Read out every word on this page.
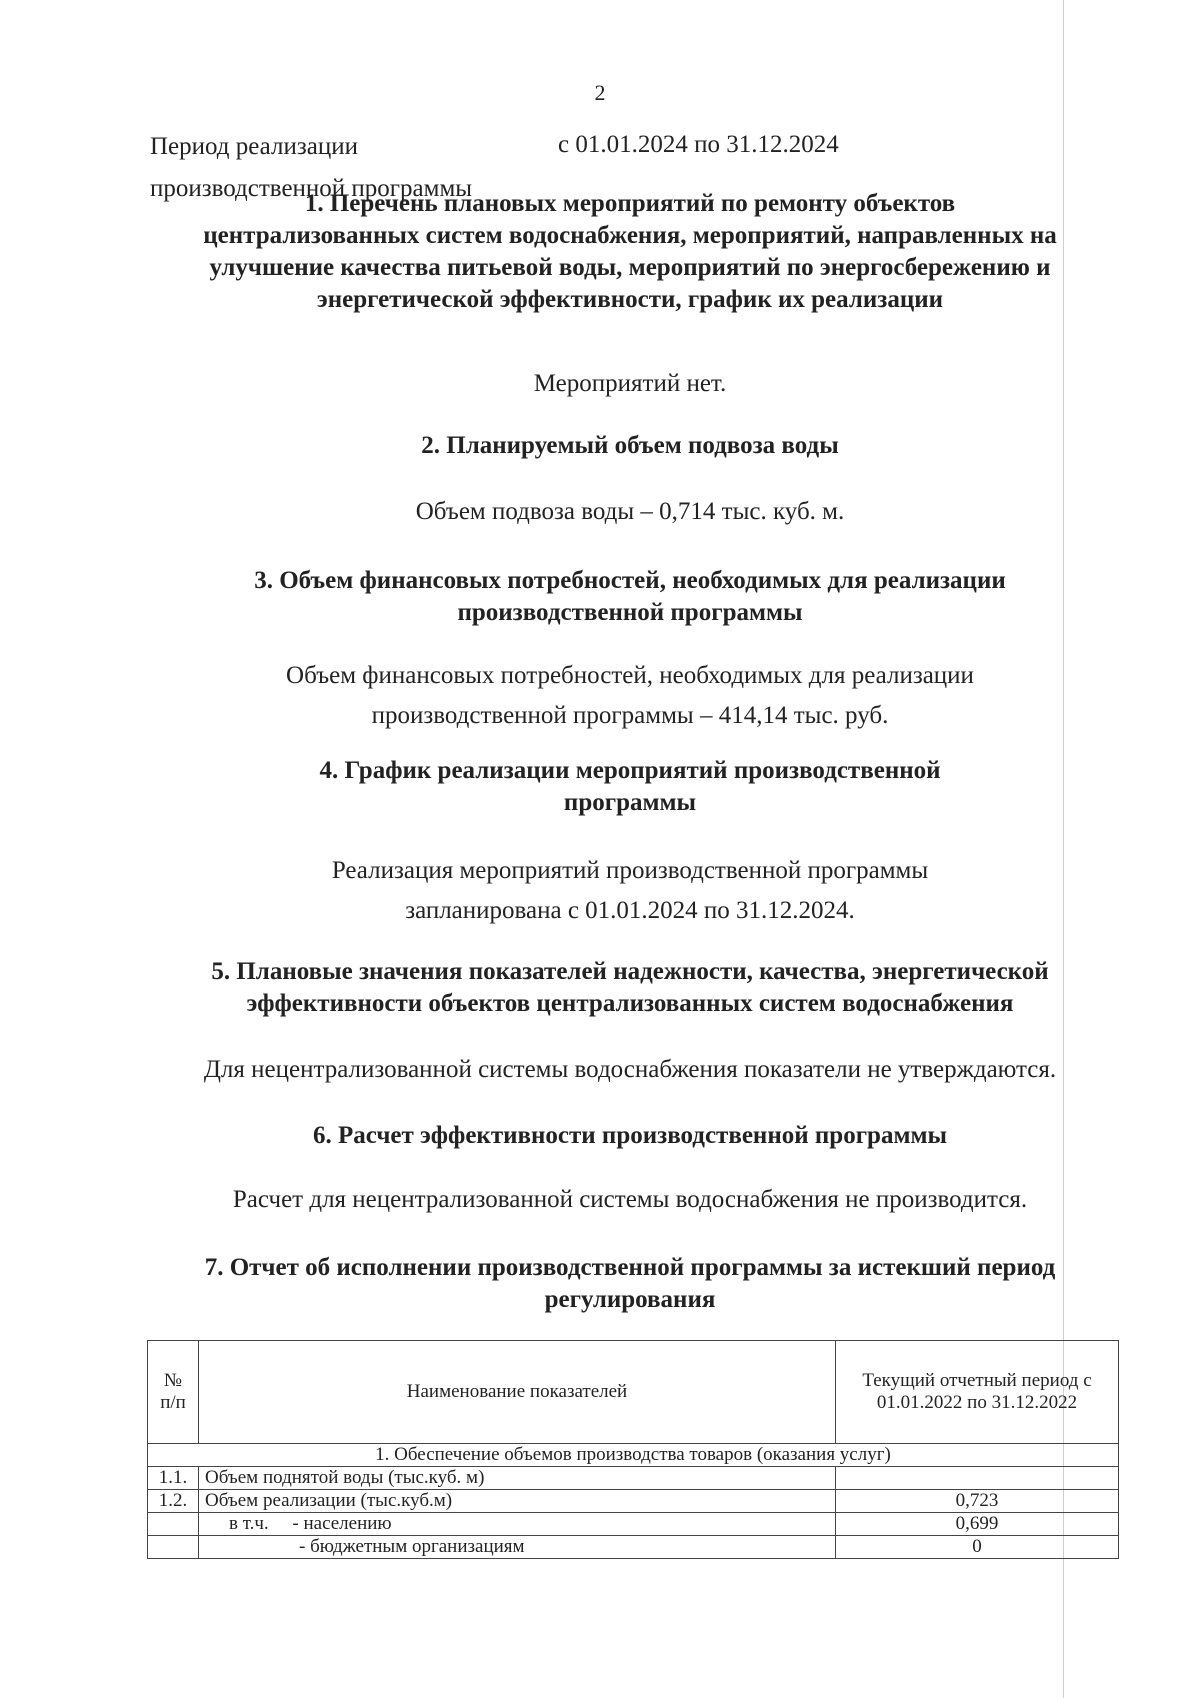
2
Период реализации
производственной программы
с 01.01.2024 по 31.12.2024
1. Перечень плановых мероприятий по ремонту объектов
централизованных систем водоснабжения, мероприятий, направленных на
улучшение качества питьевой воды, мероприятий по энергосбережению и
энергетической эффективности, график их реализации
Мероприятий нет.
2. Планируемый объем подвоза воды
Объем подвоза воды – 0,714 тыс. куб. м.
3. Объем финансовых потребностей, необходимых для реализации
производственной программы
Объем финансовых потребностей, необходимых для реализации
производственной программы – 414,14 тыс. руб.
4. График реализации мероприятий производственной
программы
Реализация мероприятий производственной программы
запланирована с 01.01.2024 по 31.12.2024.
5. Плановые значения показателей надежности, качества, энергетической
эффективности объектов централизованных систем водоснабжения
Для нецентрализованной системы водоснабжения показатели не утверждаются.
6. Расчет эффективности производственной программы
Расчет для нецентрализованной системы водоснабжения не производится.
7. Отчет об исполнении производственной программы за истекший период
регулирования
№ п/п	Наименование показателей	Текущий отчетный период с 01.01.2022 по 31.12.2022
1. Обеспечение объемов производства товаров (оказания услуг)		
1.1.	Объем поднятой воды (тыс.куб. м)	
1.2.	Объем реализации (тыс.куб.м)	0,723
	в т.ч.     - населению	0,699
	- бюджетным организациям	0
